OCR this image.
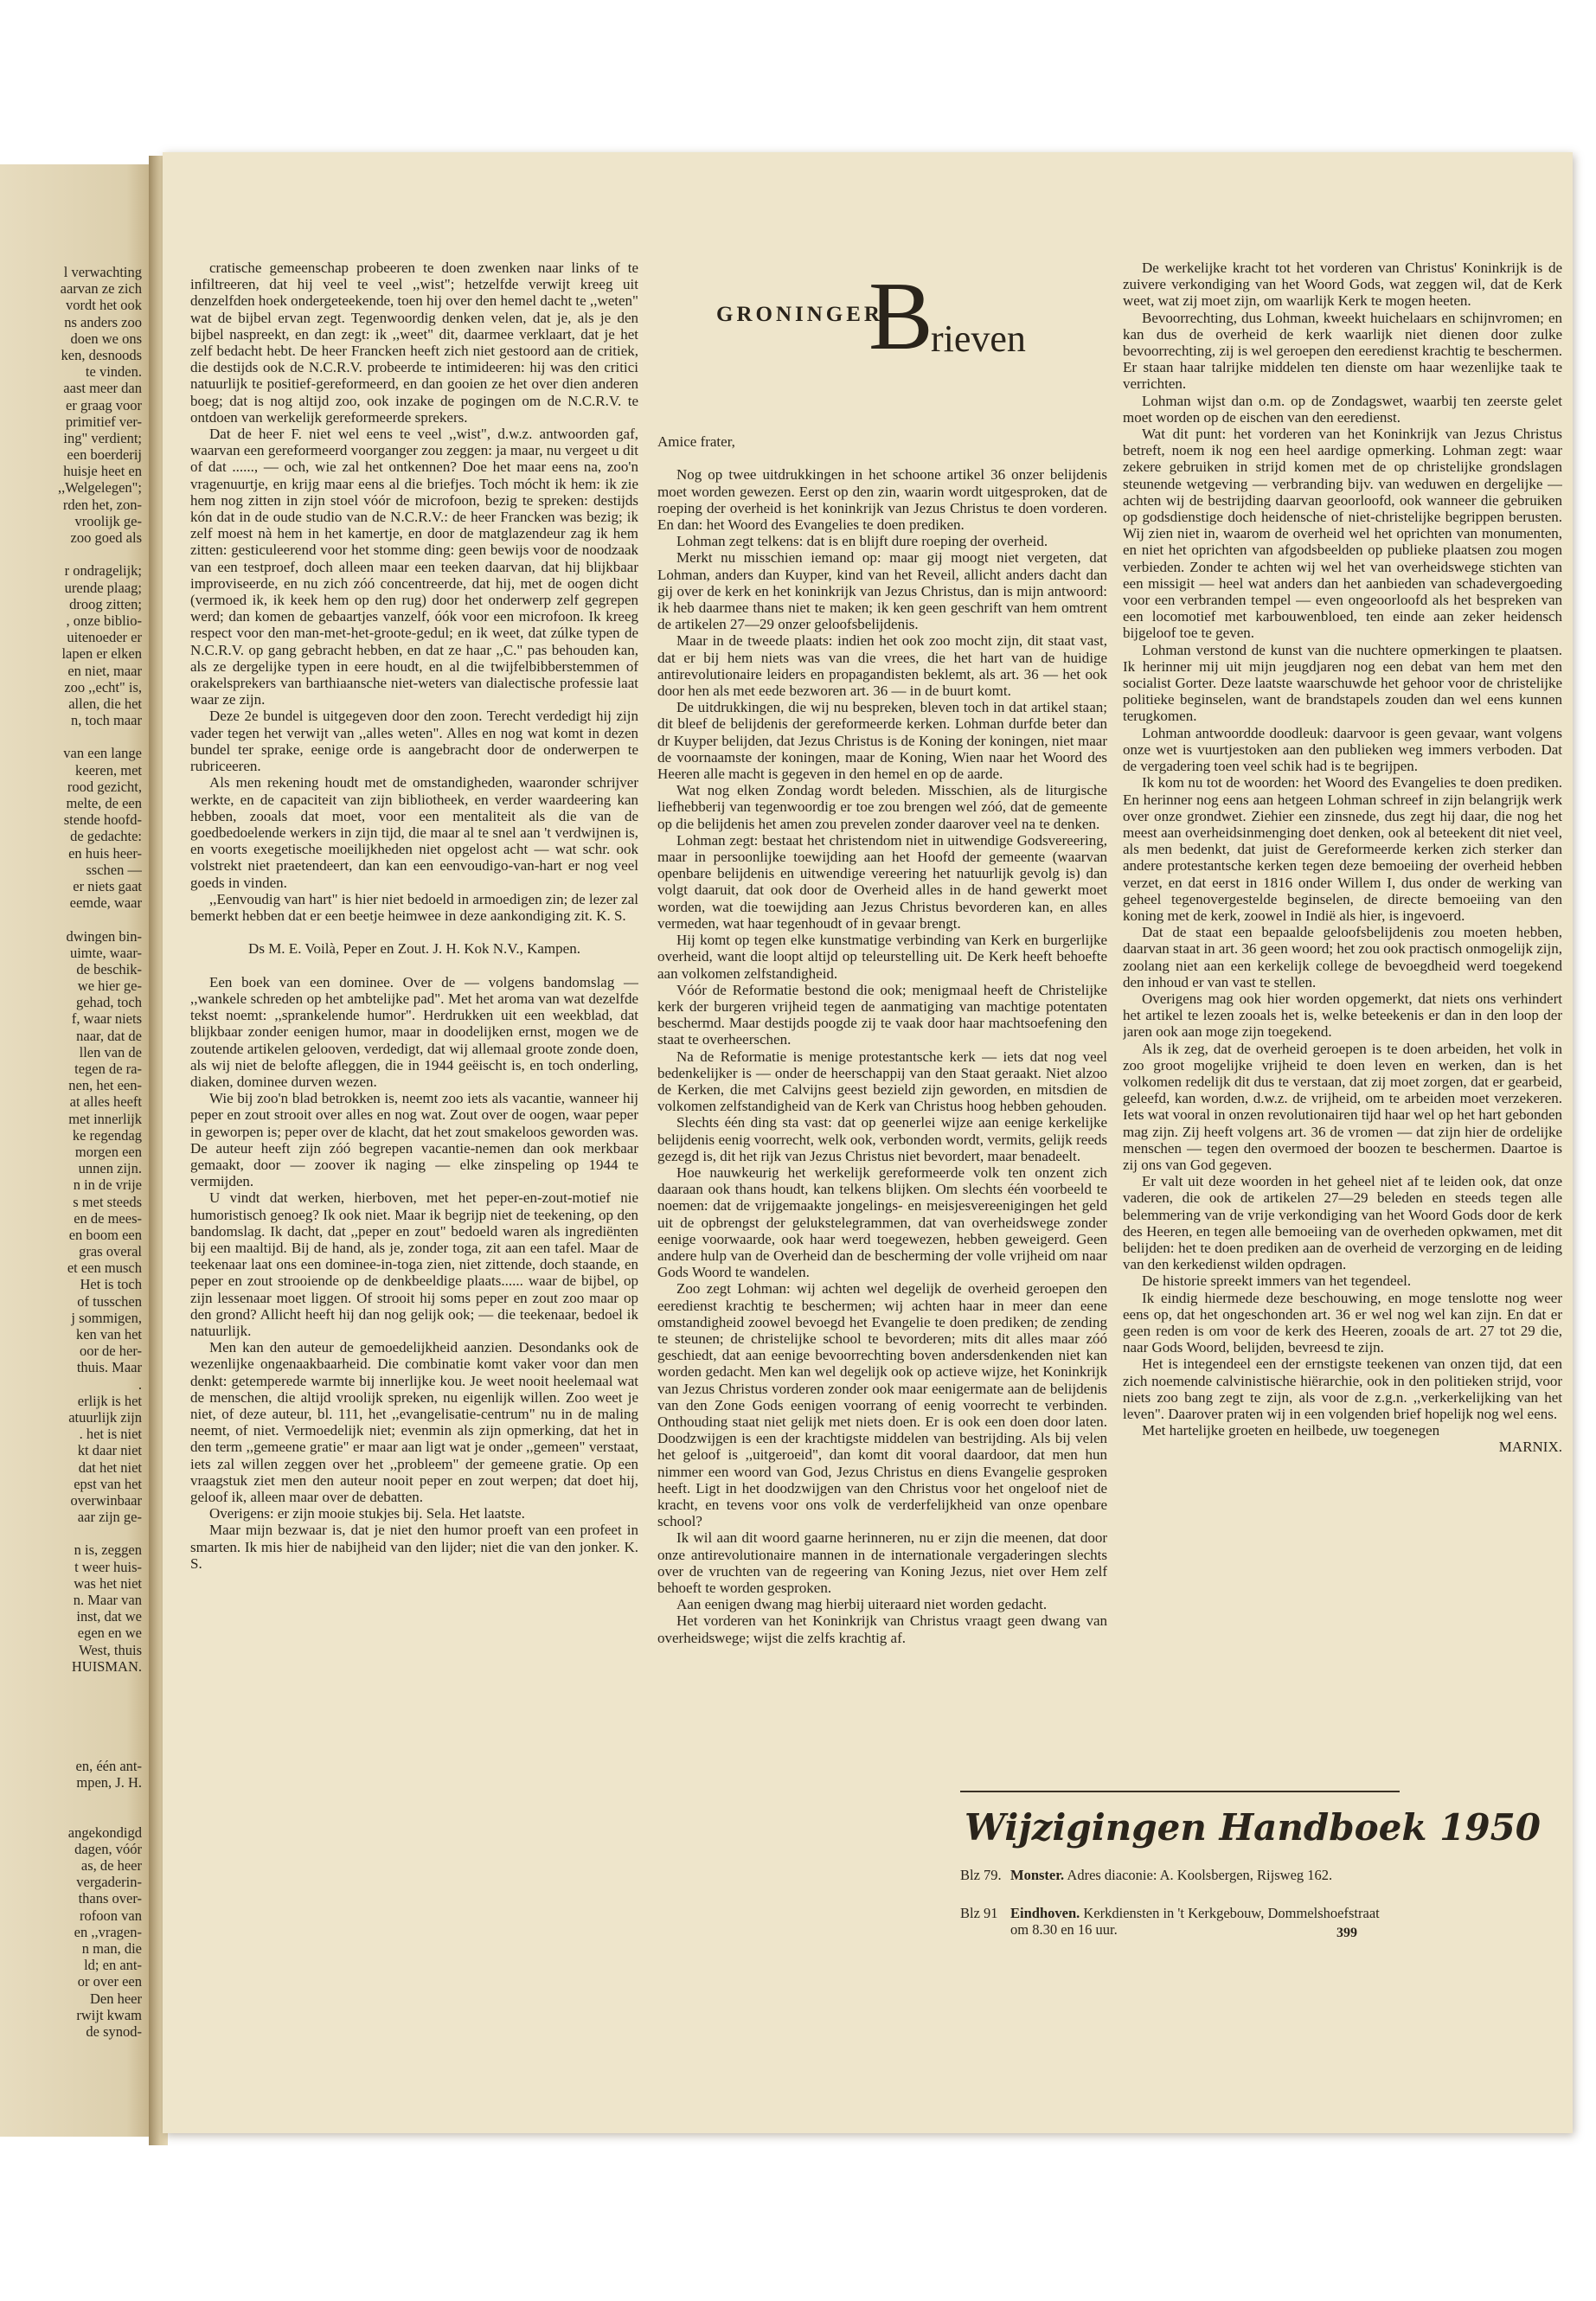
l verwachting
aarvan ze zich
vordt het ook
ns anders zoo
doen we ons
ken, desnoods
te vinden.
aast meer dan
er graag voor
primitief ver-
ing" verdient;
een boerderij
huisje heet en
,,Welgelegen";
rden het, zon-
vroolijk ge-
zoo goed als
r ondragelijk;
urende plaag;
droog zitten;
, onze biblio-
uitenoeder er
lapen er elken
en niet, maar
zoo ,,echt" is,
allen, die het
n, toch maar
van een lange
keeren, met
rood gezicht,
melte, de een
stende hoofd-
de gedachte:
en huis heer-
sschen —
er niets gaat
eemde, waar
dwingen bin-
uimte, waar-
de beschik-
we hier ge-
gehad, toch
f, waar niets
naar, dat de
llen van de
tegen de ra-
nen, het een-
at alles heeft
met innerlijk
ke regendag
morgen een
unnen zijn.
n in de vrije
s met steeds
en de mees-
en boom een
gras overal
et een musch
Het is toch
of tusschen
j sommigen,
ken van het
oor de her-
thuis. Maar
.
erlijk is het
atuurlijk zijn
. het is niet
kt daar niet
dat het niet
epst van het
overwinbaar
aar zijn ge-
n is, zeggen
t weer huis-
was het niet
n. Maar van
inst, dat we
egen en we
West, thuis
HUISMAN.
en, één ant-
mpen, J. H.
angekondigd
dagen, vóór
as, de heer
vergaderin-
thans over-
rofoon van
en ,,vragen-
n man, die
ld; en ant-
or over een
Den heer
rwijt kwam
de synod-

cratische gemeenschap probeeren te doen zwenken naar links of te infiltreeren, dat hij veel te veel ,,wist"; hetzelfde verwijt kreeg uit denzelfden hoek ondergeteekende, toen hij over den hemel dacht te ,,weten" wat de bijbel ervan zegt. Tegenwoordig denken velen, dat je, als je den bijbel naspreekt, en dan zegt: ik ,,weet" dit, daarmee verklaart, dat je het zelf bedacht hebt. De heer Francken heeft zich niet gestoord aan de critiek, die destijds ook de N.C.R.V. probeerde te intimideeren: hij was den critici natuurlijk te positief-gereformeerd, en dan gooien ze het over dien anderen boeg; dat is nog altijd zoo, ook inzake de pogingen om de N.C.R.V. te ontdoen van werkelijk gereformeerde sprekers.

Dat de heer F. niet wel eens te veel ,,wist", d.w.z. antwoorden gaf, waarvan een gereformeerd voorganger zou zeggen: ja maar, nu vergeet u dit of dat ......, — och, wie zal het ontkennen? Doe het maar eens na, zoo'n vragenuurtje, en krijg maar eens al die briefjes. Toch mócht ik hem: ik zie hem nog zitten in zijn stoel vóór de microfoon, bezig te spreken: destijds kón dat in de oude studio van de N.C.R.V.: de heer Francken was bezig; ik zelf moest nà hem in het kamertje, en door de matglazendeur zag ik hem zitten: gesticuleerend voor het stomme ding: geen bewijs voor de noodzaak van een testproef, doch alleen maar een teeken daarvan, dat hij blijkbaar improviseerde, en nu zich zóó concentreerde, dat hij, met de oogen dicht (vermoed ik, ik keek hem op den rug) door het onderwerp zelf gegrepen werd; dan komen de gebaartjes vanzelf, óók voor een microfoon. Ik kreeg respect voor den man-met-het-groote-gedul; en ik weet, dat zúlke typen de N.C.R.V. op gang gebracht hebben, en dat ze haar ,,C." pas behouden kan, als ze dergelijke typen in eere houdt, en al die twijfelbibberstemmen of orakelsprekers van barthiaansche niet-weters van dialectische professie laat waar ze zijn.

Deze 2e bundel is uitgegeven door den zoon. Terecht verdedigt hij zijn vader tegen het verwijt van ,,alles weten". Alles en nog wat komt in dezen bundel ter sprake, eenige orde is aangebracht door de onderwerpen te rubriceeren.

Als men rekening houdt met de omstandigheden, waaronder schrijver werkte, en de capaciteit van zijn bibliotheek, en verder waardeering kan hebben, zooals dat moet, voor een mentaliteit als die van de goedbedoelende werkers in zijn tijd, die maar al te snel aan 't verdwijnen is, en voorts exegetische moeilijkheden niet opgelost acht — wat schr. ook volstrekt niet praetendeert, dan kan een eenvoudigo-van-hart er nog veel goeds in vinden.

,,Eenvoudig van hart" is hier niet bedoeld in armoedigen zin; de lezer zal bemerkt hebben dat er een beetje heimwee in deze aankondiging zit. K. S.

Ds M. E. Voilà, Peper en Zout. J. H. Kok N.V., Kampen.

Een boek van een dominee. Over de — volgens bandomslag — ,,wankele schreden op het ambtelijke pad". Met het aroma van wat dezelfde tekst noemt: ,,sprankelende humor". Herdrukken uit een weekblad, dat blijkbaar zonder eenigen humor, maar in doodelijken ernst, mogen we de zoutende artikelen gelooven, verdedigt, dat wij allemaal groote zonde doen, als wij niet de belofte afleggen, die in 1944 geëischt is, en toch onderling, diaken, dominee durven wezen.

Wie bij zoo'n blad betrokken is, neemt zoo iets als vacantie, wanneer hij peper en zout strooit over alles en nog wat. Zout over de oogen, waar peper in geworpen is; peper over de klacht, dat het zout smakeloos geworden was. De auteur heeft zijn zóó begrepen vacantie-nemen dan ook merkbaar gemaakt, door — zoover ik naging — elke zinspeling op 1944 te vermijden.

U vindt dat werken, hierboven, met het peper-en-zout-motief nie humoristisch genoeg? Ik ook niet. Maar ik begrijp niet de teekening, op den bandomslag. Ik dacht, dat ,,peper en zout" bedoeld waren als ingrediënten bij een maaltijd. Bij de hand, als je, zonder toga, zit aan een tafel. Maar de teekenaar laat ons een dominee-in-toga zien, niet zittende, doch staande, en peper en zout strooiende op de denkbeeldige plaats...... waar de bijbel, op zijn lessenaar moet liggen. Of strooit hij soms peper en zout zoo maar op den grond? Allicht heeft hij dan nog gelijk ook; — die teekenaar, bedoel ik natuurlijk.

Men kan den auteur de gemoedelijkheid aanzien. Desondanks ook de wezenlijke ongenaakbaarheid. Die combinatie komt vaker voor dan men denkt: getemperede warmte bij innerlijke kou. Je weet nooit heelemaal wat de menschen, die altijd vroolijk spreken, nu eigenlijk willen. Zoo weet je niet, of deze auteur, bl. 111, het ,,evangelisatie-centrum" nu in de maling neemt, of niet. Vermoedelijk niet; evenmin als zijn opmerking, dat het in den term ,,gemeene gratie" er maar aan ligt wat je onder ,,gemeen" verstaat, iets zal willen zeggen over het ,,probleem" der gemeene gratie. Op een vraagstuk ziet men den auteur nooit peper en zout werpen; dat doet hij, geloof ik, alleen maar over de debatten.

Overigens: er zijn mooie stukjes bij. Sela. Het laatste.

Maar mijn bezwaar is, dat je niet den humor proeft van een profeet in smarten. Ik mis hier de nabijheid van den lijder; niet die van den jonker. K. S.

GRONINGER
B
rieven

Amice frater,

Nog op twee uitdrukkingen in het schoone artikel 36 onzer belijdenis moet worden gewezen. Eerst op den zin, waarin wordt uitgesproken, dat de roeping der overheid is het koninkrijk van Jezus Christus te doen vorderen. En dan: het Woord des Evangelies te doen prediken.

Lohman zegt telkens: dat is en blijft dure roeping der overheid.

Merkt nu misschien iemand op: maar gij moogt niet vergeten, dat Lohman, anders dan Kuyper, kind van het Reveil, allicht anders dacht dan gij over de kerk en het koninkrijk van Jezus Christus, dan is mijn antwoord: ik heb daarmee thans niet te maken; ik ken geen geschrift van hem omtrent de artikelen 27—29 onzer geloofsbelijdenis.

Maar in de tweede plaats: indien het ook zoo mocht zijn, dit staat vast, dat er bij hem niets was van die vrees, die het hart van de huidige antirevolutionaire leiders en propagandisten beklemt, als art. 36 — het ook door hen als met eede bezworen art. 36 — in de buurt komt.

De uitdrukkingen, die wij nu bespreken, bleven toch in dat artikel staan; dit bleef de belijdenis der gereformeerde kerken. Lohman durfde beter dan dr Kuyper belijden, dat Jezus Christus is de Koning der koningen, niet maar de voornaamste der koningen, maar de Koning, Wien naar het Woord des Heeren alle macht is gegeven in den hemel en op de aarde.

Wat nog elken Zondag wordt beleden. Misschien, als de liturgische liefhebberij van tegenwoordig er toe zou brengen wel zóó, dat de gemeente op die belijdenis het amen zou prevelen zonder daarover veel na te denken.

Lohman zegt: bestaat het christendom niet in uitwendige Godsvereering, maar in persoonlijke toewijding aan het Hoofd der gemeente (waarvan openbare belijdenis en uitwendige vereering het natuurlijk gevolg is) dan volgt daaruit, dat ook door de Overheid alles in de hand gewerkt moet worden, wat die toewijding aan Jezus Christus bevorderen kan, en alles vermeden, wat haar tegenhoudt of in gevaar brengt.

Hij komt op tegen elke kunstmatige verbinding van Kerk en burgerlijke overheid, want die loopt altijd op teleurstelling uit. De Kerk heeft behoefte aan volkomen zelfstandigheid.

Vóór de Reformatie bestond die ook; menigmaal heeft de Christelijke kerk der burgeren vrijheid tegen de aanmatiging van machtige potentaten beschermd. Maar destijds poogde zij te vaak door haar machtsoefening den staat te overheerschen.

Na de Reformatie is menige protestantsche kerk — iets dat nog veel bedenkelijker is — onder de heerschappij van den Staat geraakt. Niet alzoo de Kerken, die met Calvijns geest bezield zijn geworden, en mitsdien de volkomen zelfstandigheid van de Kerk van Christus hoog hebben gehouden.

Slechts één ding sta vast: dat op geenerlei wijze aan eenige kerkelijke belijdenis eenig voorrecht, welk ook, verbonden wordt, vermits, gelijk reeds gezegd is, dit het rijk van Jezus Christus niet bevordert, maar benadeelt.

Hoe nauwkeurig het werkelijk gereformeerde volk ten onzent zich daaraan ook thans houdt, kan telkens blijken. Om slechts één voorbeeld te noemen: dat de vrijgemaakte jongelings- en meisjesvereenigingen het geld uit de opbrengst der gelukstelegrammen, dat van overheidswege zonder eenige voorwaarde, ook haar werd toegewezen, hebben geweigerd. Geen andere hulp van de Overheid dan de bescherming der volle vrijheid om naar Gods Woord te wandelen.

Zoo zegt Lohman: wij achten wel degelijk de overheid geroepen den eeredienst krachtig te beschermen; wij achten haar in meer dan eene omstandigheid zoowel bevoegd het Evangelie te doen prediken; de zending te steunen; de christelijke school te bevorderen; mits dit alles maar zóó geschiedt, dat aan eenige bevoorrechting boven andersdenkenden niet kan worden gedacht. Men kan wel degelijk ook op actieve wijze, het Koninkrijk van Jezus Christus vorderen zonder ook maar eenigermate aan de belijdenis van den Zone Gods eenigen voorrang of eenig voorrecht te verbinden. Onthouding staat niet gelijk met niets doen. Er is ook een doen door laten. Doodzwijgen is een der krachtigste middelen van bestrijding. Als bij velen het geloof is ,,uitgeroeid", dan komt dit vooral daardoor, dat men hun nimmer een woord van God, Jezus Christus en diens Evangelie gesproken heeft. Ligt in het doodzwijgen van den Christus voor het ongeloof niet de kracht, en tevens voor ons volk de verderfelijkheid van onze openbare school?

Ik wil aan dit woord gaarne herinneren, nu er zijn die meenen, dat door onze antirevolutionaire mannen in de internationale vergaderingen slechts over de vruchten van de regeering van Koning Jezus, niet over Hem zelf behoeft te worden gesproken.

Aan eenigen dwang mag hierbij uiteraard niet worden gedacht.

Het vorderen van het Koninkrijk van Christus vraagt geen dwang van overheidswege; wijst die zelfs krachtig af.

De werkelijke kracht tot het vorderen van Christus' Koninkrijk is de zuivere verkondiging van het Woord Gods, wat zeggen wil, dat de Kerk weet, wat zij moet zijn, om waarlijk Kerk te mogen heeten.

Bevoorrechting, dus Lohman, kweekt huichelaars en schijnvromen; en kan dus de overheid de kerk waarlijk niet dienen door zulke bevoorrechting, zij is wel geroepen den eeredienst krachtig te beschermen. Er staan haar talrijke middelen ten dienste om haar wezenlijke taak te verrichten.

Lohman wijst dan o.m. op de Zondagswet, waarbij ten zeerste gelet moet worden op de eischen van den eeredienst.

Wat dit punt: het vorderen van het Koninkrijk van Jezus Christus betreft, noem ik nog een heel aardige opmerking. Lohman zegt: waar zekere gebruiken in strijd komen met de op christelijke grondslagen steunende wetgeving — verbranding bijv. van weduwen en dergelijke — achten wij de bestrijding daarvan geoorloofd, ook wanneer die gebruiken op godsdienstige doch heidensche of niet-christelijke begrippen berusten. Wij zien niet in, waarom de overheid wel het oprichten van monumenten, en niet het oprichten van afgodsbeelden op publieke plaatsen zou mogen verbieden. Zonder te achten wij wel het van overheidswege stichten van een missigit — heel wat anders dan het aanbieden van schadevergoeding voor een verbranden tempel — even ongeoorloofd als het bespreken van een locomotief met karbouwenbloed, ten einde aan zeker heidensch bijgeloof toe te geven.

Lohman verstond de kunst van die nuchtere opmerkingen te plaatsen. Ik herinner mij uit mijn jeugdjaren nog een debat van hem met den socialist Gorter. Deze laatste waarschuwde het gehoor voor de christelijke politieke beginselen, want de brandstapels zouden dan wel eens kunnen terugkomen.

Lohman antwoordde doodleuk: daarvoor is geen gevaar, want volgens onze wet is vuurtjestoken aan den publieken weg immers verboden. Dat de vergadering toen veel schik had is te begrijpen.

Ik kom nu tot de woorden: het Woord des Evangelies te doen prediken. En herinner nog eens aan hetgeen Lohman schreef in zijn belangrijk werk over onze grondwet. Ziehier een zinsnede, dus zegt hij daar, die nog het meest aan overheidsinmenging doet denken, ook al beteekent dit niet veel, als men bedenkt, dat juist de Gereformeerde kerken zich sterker dan andere protestantsche kerken tegen deze bemoeiing der overheid hebben verzet, en dat eerst in 1816 onder Willem I, dus onder de werking van geheel tegenovergestelde beginselen, de directe bemoeiing van den koning met de kerk, zoowel in Indië als hier, is ingevoerd.

Dat de staat een bepaalde geloofsbelijdenis zou moeten hebben, daarvan staat in art. 36 geen woord; het zou ook practisch onmogelijk zijn, zoolang niet aan een kerkelijk college de bevoegdheid werd toegekend den inhoud er van vast te stellen.

Overigens mag ook hier worden opgemerkt, dat niets ons verhindert het artikel te lezen zooals het is, welke beteekenis er dan in den loop der jaren ook aan moge zijn toegekend.

Als ik zeg, dat de overheid geroepen is te doen arbeiden, het volk in zoo groot mogelijke vrijheid te doen leven en werken, dan is het volkomen redelijk dit dus te verstaan, dat zij moet zorgen, dat er gearbeid, geleefd, kan worden, d.w.z. de vrijheid, om te arbeiden moet verzekeren. Iets wat vooral in onzen revolutionairen tijd haar wel op het hart gebonden mag zijn. Zij heeft volgens art. 36 de vromen — dat zijn hier de ordelijke menschen — tegen den overmoed der boozen te beschermen. Daartoe is zij ons van God gegeven.

Er valt uit deze woorden in het geheel niet af te leiden ook, dat onze vaderen, die ook de artikelen 27—29 beleden en steeds tegen alle belemmering van de vrije verkondiging van het Woord Gods door de kerk des Heeren, en tegen alle bemoeiing van de overheden opkwamen, met dit belijden: het te doen prediken aan de overheid de verzorging en de leiding van den kerkedienst wilden opdragen.

De historie spreekt immers van het tegendeel.

Ik eindig hiermede deze beschouwing, en moge tenslotte nog weer eens op, dat het ongeschonden art. 36 er wel nog wel kan zijn. En dat er geen reden is om voor de kerk des Heeren, zooals de art. 27 tot 29 die, naar Gods Woord, belijden, bevreesd te zijn.

Het is integendeel een der ernstigste teekenen van onzen tijd, dat een zich noemende calvinistische hiërarchie, ook in den politieken strijd, voor niets zoo bang zegt te zijn, als voor de z.g.n. ,,verkerkelijking van het leven". Daarover praten wij in een volgenden brief hopelijk nog wel eens.

Met hartelijke groeten en heilbede, uw toegenegen

MARNIX.

Wijzigingen Handboek 1950
Blz 79. Monster. Adres diaconie: A. Koolsbergen, Rijsweg 162.
Blz 91 Eindhoven. Kerkdiensten in 't Kerkgebouw, Dommelshoefstraat om 8.30 en 16 uur.	399
